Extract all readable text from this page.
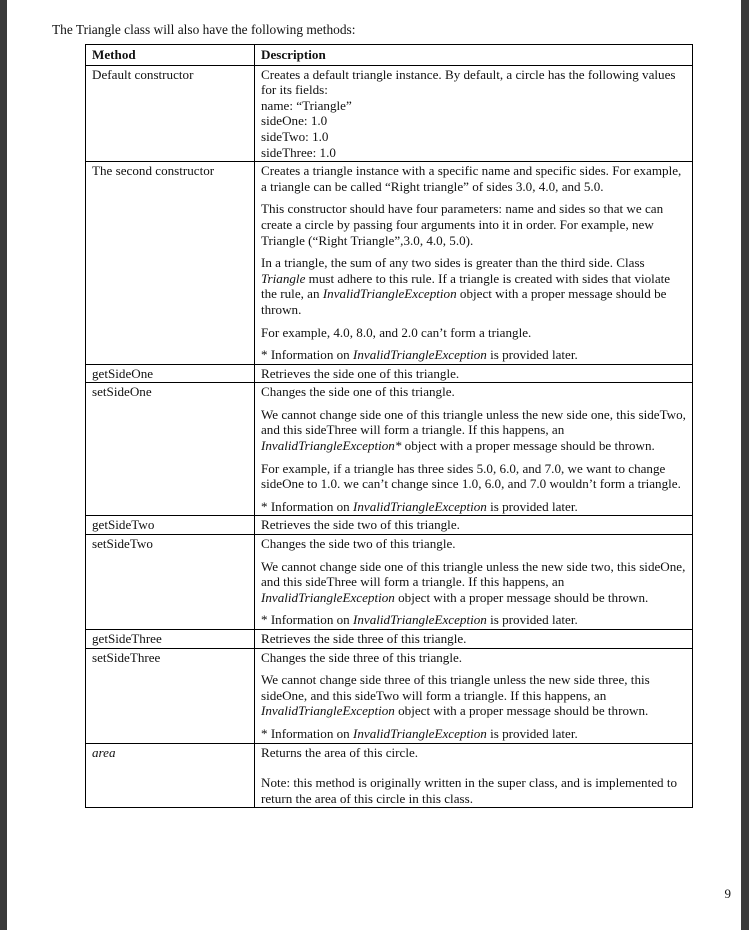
The Triangle class will also have the following methods:

Method	Description
Default constructor	Creates a default triangle instance. By default, a circle has the following values for its fields:
name: “Triangle”
sideOne: 1.0
sideTwo: 1.0
sideThree: 1.0

The second constructor	Creates a triangle instance with a specific name and specific sides. For example, a triangle can be called “Right triangle” of sides 3.0, 4.0, and 5.0.

This constructor should have four parameters: name and sides so that we can create a circle by passing four arguments into it in order. For example, new Triangle (“Right Triangle”,3.0, 4.0, 5.0).

In a triangle, the sum of any two sides is greater than the third side. Class Triangle must adhere to this rule. If a triangle is created with sides that violate the rule, an InvalidTriangleException object with a proper message should be thrown.

For example, 4.0, 8.0, and 2.0 can’t form a triangle.

* Information on InvalidTriangleException is provided later.

getSideOne	Retrieves the side one of this triangle.

setSideOne	Changes the side one of this triangle.

We cannot change side one of this triangle unless the new side one, this sideTwo, and this sideThree will form a triangle. If this happens, an InvalidTriangleException* object with a proper message should be thrown.

For example, if a triangle has three sides 5.0, 6.0, and 7.0, we want to change sideOne to 1.0. we can’t change since 1.0, 6.0, and 7.0 wouldn’t form a triangle.

* Information on InvalidTriangleException is provided later.

getSideTwo	Retrieves the side two of this triangle.

setSideTwo	Changes the side two of this triangle.

We cannot change side one of this triangle unless the new side two, this sideOne, and this sideThree will form a triangle. If this happens, an InvalidTriangleException object with a proper message should be thrown.

* Information on InvalidTriangleException is provided later.

getSideThree	Retrieves the side three of this triangle.

setSideThree	Changes the side three of this triangle.

We cannot change side three of this triangle unless the new side three, this sideOne, and this sideTwo will form a triangle. If this happens, an InvalidTriangleException object with a proper message should be thrown.

* Information on InvalidTriangleException is provided later.

area	Returns the area of this circle.

Note: this method is originally written in the super class, and is implemented to return the area of this circle in this class.

9
